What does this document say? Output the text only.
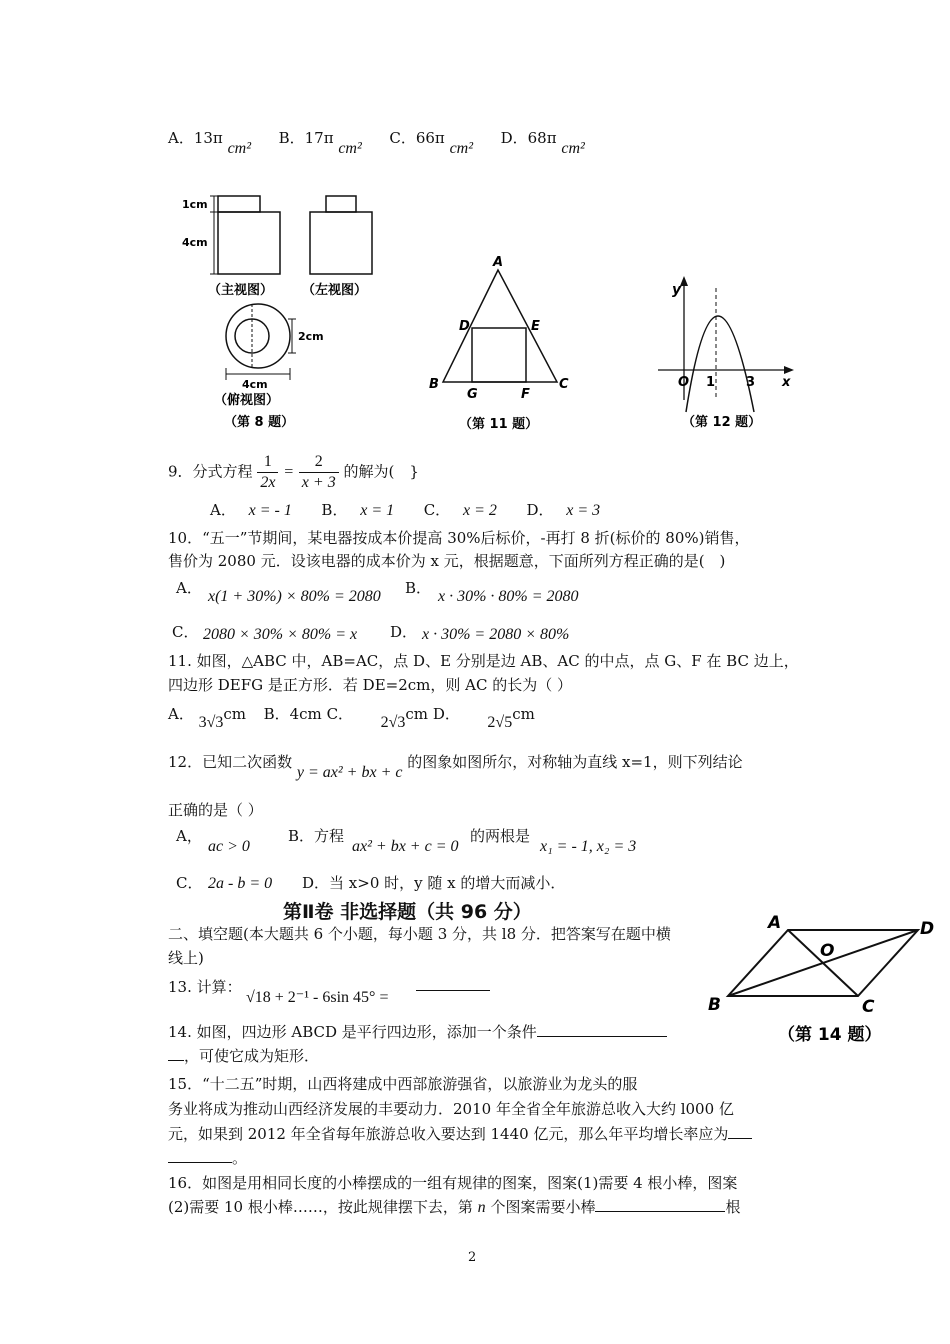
A．13π cm²  B．17π cm²  C．66π cm²  D．68π cm²
1cm
4cm
（主视图） （左视图）
2cm
4cm
（俯视图）
（第 8 题）
A
D	E
B
G	F
C
（第 11 题）
y
O 1 3 x
（第 12 题）
9．分式方程 $\frac{1}{2x} = \frac{2}{x + 3}$ 的解为(　}
A． x = - 1 B． x = 1 C． x = 2 D． x = 3
10．“五一”节期间，某电器按成本价提高 30%后标价，-再打 8 折(标价的 80%)销售，
售价为 2080 元．设该电器的成本价为 x 元，根据题意，下面所列方程正确的是(　)
A． x(1 + 30%) × 80% = 2080 B． x · 30% · 80% = 2080
C． 2080 × 30% × 80% = x D． x · 30% = 2080 × 80%
11. 如图，△ABC 中，AB=AC，点 D、E 分别是边 AB、AC 的中点，点 G、F 在 BC 边上，
四边形 DEFG 是正方形．若 DE=2cm，则 AC 的长为（ ）
A． 3√3cm B．4cm C． 2√3cm D． 2√5cm
12．已知二次函数 y = ax² + bx + c 的图象如图所尔，对称轴为直线 x=1，则下列结论
正确的是（ ）
A，
ac > 0
B．方程
ax² + bx + c = 0
的两根是
x₁ = - 1, x₂ = 3
C． 2a - b = 0 D．当 x>0 时，y 随 x 的增大而减小．
第Ⅱ卷 非选择题（共 96 分）
二、填空题(本大题共 6 个小题，每小题 3 分，共 l8 分．把答案写在题中横
线上)
13. 计算：
√18 + 2⁻¹ - 6sin 45° =
14. 如图，四边形 ABCD 是平行四边形，添加一个条件
，可使它成为矩形．
A	D
O
B	C
（第 14 题）
15．“十二五”时期，山西将建成中西部旅游强省，以旅游业为龙头的服
务业将成为推动山西经济发展的丰要动力．2010 年全省全年旅游总收入大约 l000 亿
元，如果到 2012 年全省每年旅游总收入要达到 1440 亿元，那么年平均增长率应为
。
16．如图是用相同长度的小棒摆成的一组有规律的图案，图案(1)需要 4 根小棒，图案
(2)需要 10 根小棒……，按此规律摆下去，第 n 个图案需要小棒	根
2
